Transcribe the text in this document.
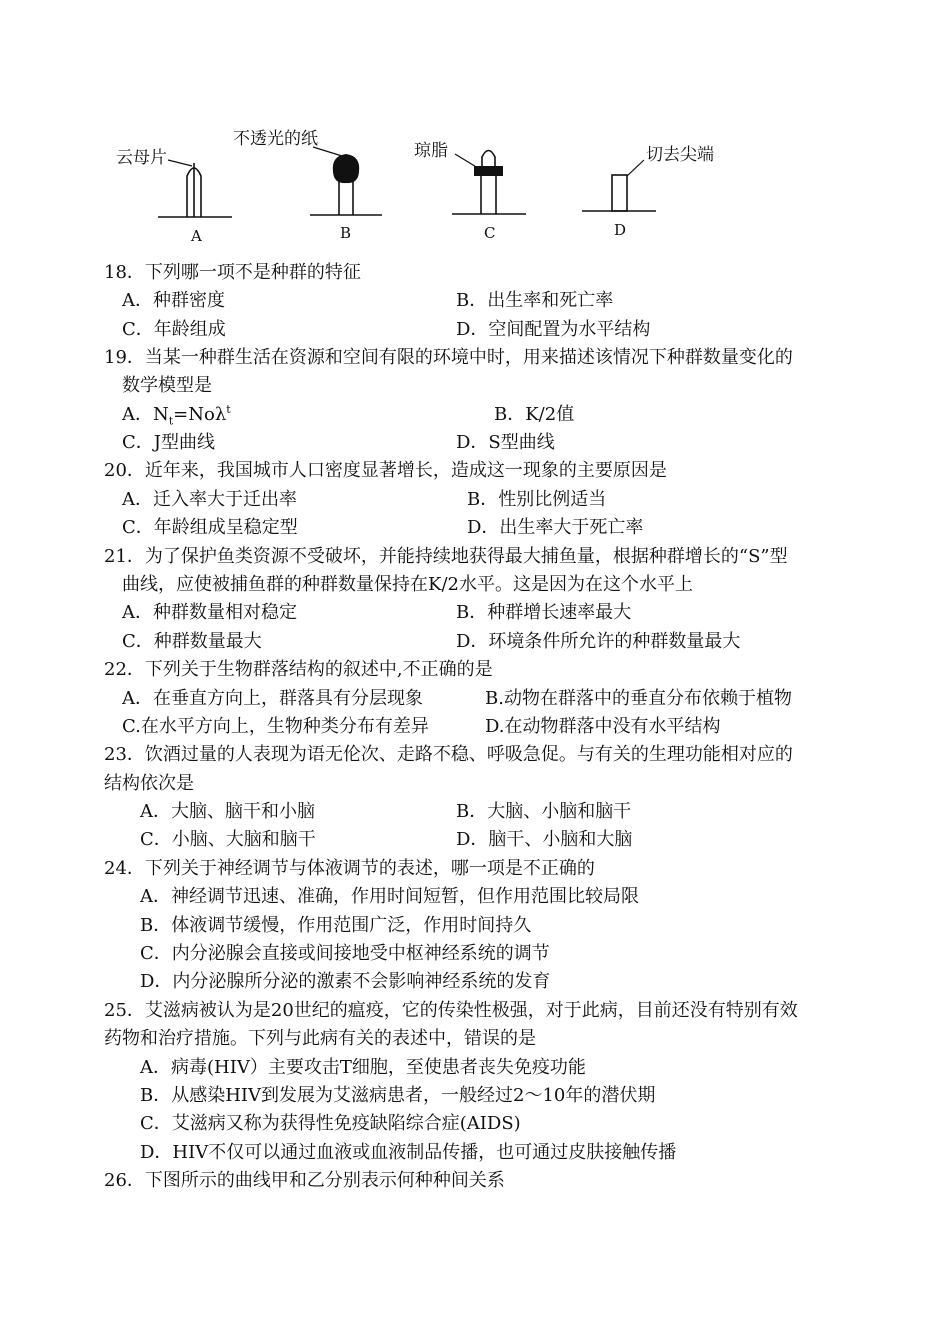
云母片
A
不透光的纸
B
琼脂
C
切去尖端
D
18．下列哪一项不是种群的特征
A．种群密度	B．出生率和死亡率
C．年龄组成	D．空间配置为水平结构
19．当某一种群生活在资源和空间有限的环境中时，用来描述该情况下种群数量变化的
数学模型是
A．$N_t=No\lambda^t$	B．K/2值
C．J型曲线	D．S型曲线
20．近年来，我国城市人口密度显著增长，造成这一现象的主要原因是
A．迁入率大于迁出率	B．性别比例适当
C．年龄组成呈稳定型	D．出生率大于死亡率
21．为了保护鱼类资源不受破坏，并能持续地获得最大捕鱼量，根据种群增长的“S”型
曲线，应使被捕鱼群的种群数量保持在K/2水平。这是因为在这个水平上
A．种群数量相对稳定	B．种群增长速率最大
C．种群数量最大	D．环境条件所允许的种群数量最大
22．下列关于生物群落结构的叙述中,不正确的是
A．在垂直方向上，群落具有分层现象	B.动物在群落中的垂直分布依赖于植物
C.在水平方向上，生物种类分布有差异	D.在动物群落中没有水平结构
23．饮酒过量的人表现为语无伦次、走路不稳、呼吸急促。与有关的生理功能相对应的
结构依次是
A．大脑、脑干和小脑	B．大脑、小脑和脑干
C．小脑、大脑和脑干	D．脑干、小脑和大脑
24．下列关于神经调节与体液调节的表述，哪一项是不正确的
A．神经调节迅速、准确，作用时间短暂，但作用范围比较局限
B．体液调节缓慢，作用范围广泛，作用时间持久
C．内分泌腺会直接或间接地受中枢神经系统的调节
D．内分泌腺所分泌的激素不会影响神经系统的发育
25．艾滋病被认为是20世纪的瘟疫，它的传染性极强，对于此病，目前还没有特别有效
药物和治疗措施。下列与此病有关的表述中，错误的是
A．病毒(HIV）主要攻击T细胞，至使患者丧失免疫功能
B．从感染HIV到发展为艾滋病患者，一般经过2～10年的潜伏期
C．艾滋病又称为获得性免疫缺陷综合症(AIDS)
D．HIV不仅可以通过血液或血液制品传播，也可通过皮肤接触传播
26．下图所示的曲线甲和乙分别表示何种种间关系
